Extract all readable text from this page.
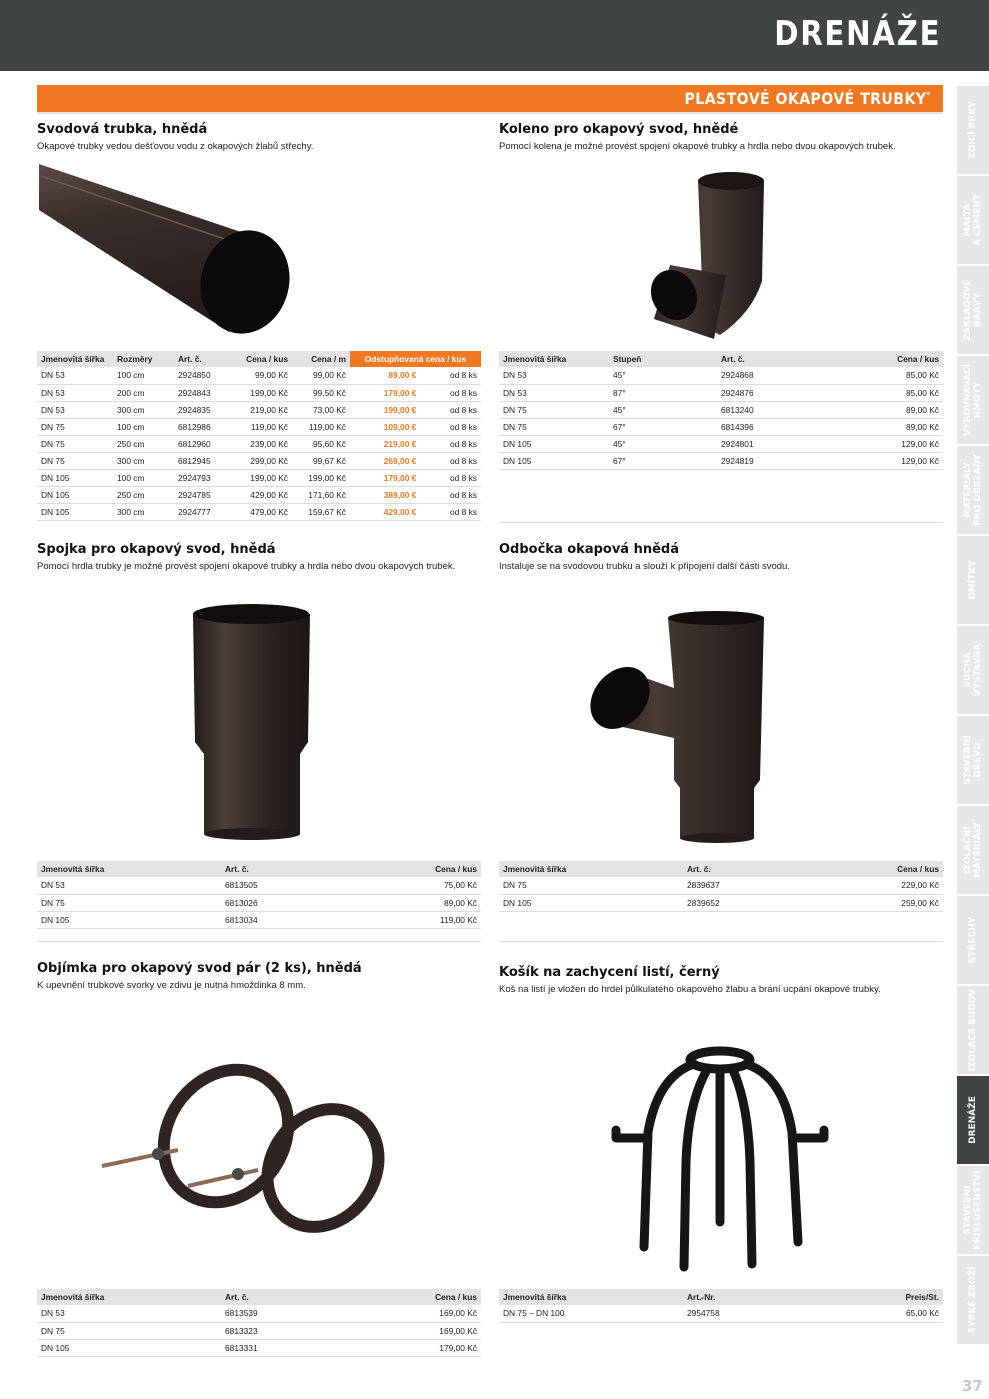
DRENÁŽE
PLASTOVÉ OKAPOVÉ TRUBKY*
ZDICÍ PRKY
MALTA
A CEMENT
ZÁKLADOVÉ
BARVY
VYROVNÁVACÍ
HMOTY
MATERIÁLY
PRO OBKLADY
OMÍTKY
SUCHÁ
VÝSTAVBA
STAVEBNÍ
DŘEVO
IZOLAČNÍ
MATERIÁLY
STŘECHY
IZOLACE BUDOV
DRENÁŽE
STAVEBNÍ
PŘÍSLUŠENSTVÍ
SYPKÉ ZBOŽÍ
37
Svodová trubka, hnědá
Okapové trubky vedou dešťovou vodu z okapových žlabů střechy.
Jmenovitá šířka	Rozměry	Art. č.	Cena / kus	Cena / m	Odstupňovaná cena / kus	
DN 53	100 cm	2924850	99,00 Kč	99,00 Kč	89,00 €	od 8 ks
DN 53	200 cm	2924843	199,00 Kč	99,50 Kč	179,00 €	od 8 ks
DN 53	300 cm	2924835	219,00 Kč	73,00 Kč	199,00 €	od 8 ks
DN 75	100 cm	6812986	119,00 Kč	119,00 Kč	109,00 €	od 8 ks
DN 75	250 cm	6812960	239,00 Kč	95,60 Kč	219,00 €	od 8 ks
DN 75	300 cm	6812945	299,00 Kč	99,67 Kč	269,00 €	od 8 ks
DN 105	100 cm	2924793	199,00 Kč	199,00 Kč	179,00 €	od 8 ks
DN 105	250 cm	2924785	429,00 Kč	171,60 Kč	389,00 €	od 8 ks
DN 105	300 cm	2924777	479,00 Kč	159,67 Kč	429,00 €	od 8 ks
Koleno pro okapový svod, hnědé
Pomocí kolena je možné provést spojení okapové trubky a hrdla nebo dvou okapových trubek.
Jmenovitá šířka	Stupeň	Art. č.	Cena / kus
DN 53	45°	2924868	85,00 Kč
DN 53	87°	2924876	85,00 Kč
DN 75	45°	6813240	89,00 Kč
DN 75	67°	6814396	89,00 Kč
DN 105	45°	2924801	129,00 Kč
DN 105	67°	2924819	129,00 Kč
Spojka pro okapový svod, hnědá
Pomocí hrdla trubky je možné provést spojení okapové trubky a hrdla nebo dvou okapových trubek.
Jmenovitá šířka	Art. č.	Cena / kus
DN 53	6813505	75,00 Kč
DN 75	6813026	89,00 Kč
DN 105	6813034	119,00 Kč
Odbočka okapová hnědá
Instaluje se na svodovou trubku a slouží k připojení další části svodu.
Jmenovitá šířka	Art. č.	Cena / kus
DN 75	2839637	229,00 Kč
DN 105	2839652	259,00 Kč
Objímka pro okapový svod pár (2 ks), hnědá
K upevnění trubkové svorky ve zdivu je nutná hmoždinka 8 mm.
Jmenovitá šířka	Art. č.	Cena / kus
DN 53	6813539	169,00 Kč
DN 75	6813323	169,00 Kč
DN 105	6813331	179,00 Kč
Košík na zachycení listí, černý
Koš na listí je vložen do hrdel půlkulatého okapového žlabu a brání ucpání okapové trubky.
Jmenovitá šířka	Art.-Nr.	Preis/St.
DN 75 – DN 100	2954758	65,00 Kč
